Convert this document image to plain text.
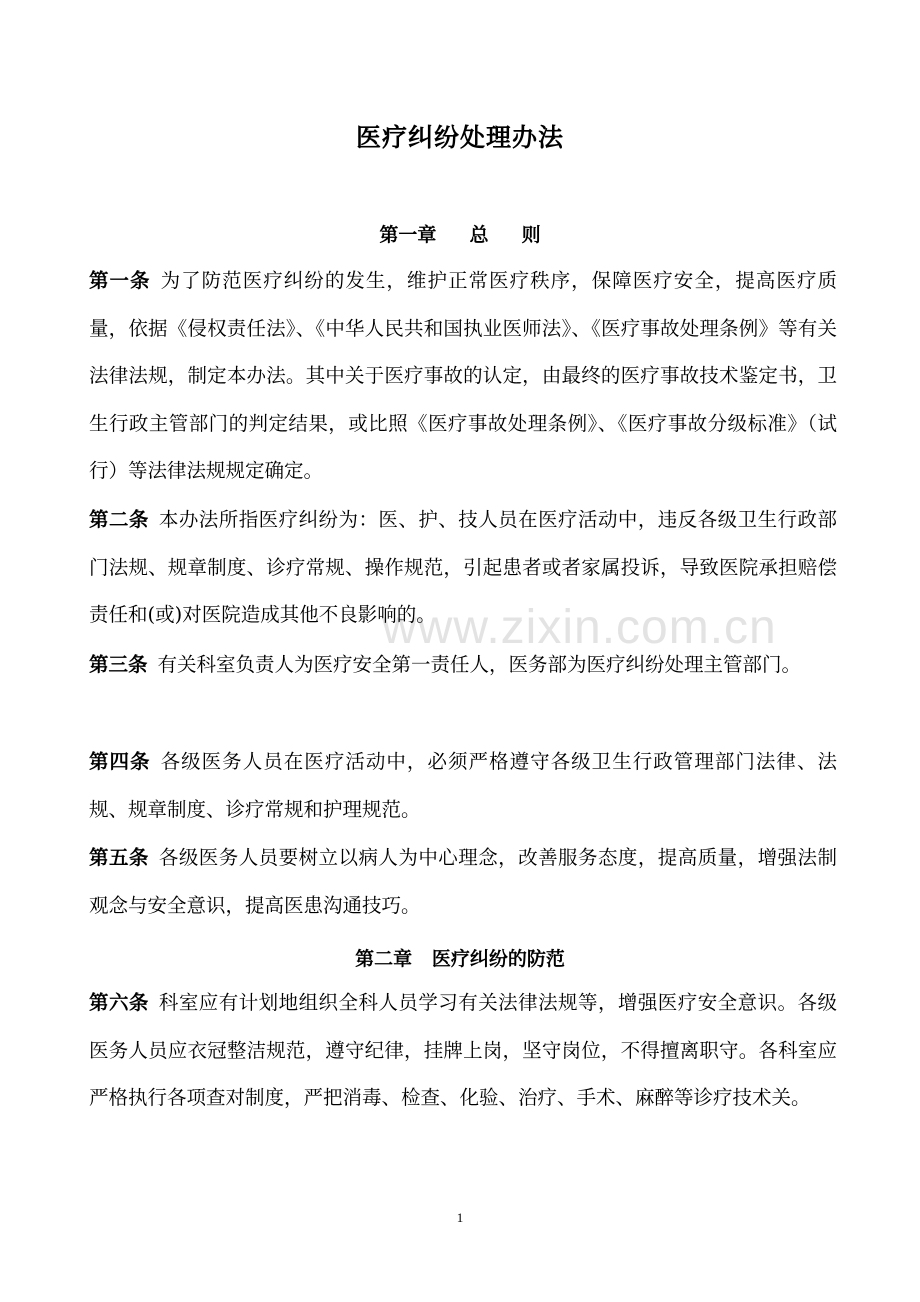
www.zixin.com.cn
医疗纠纷处理办法
第一章     总     则

第一条 为了防范医疗纠纷的发生，维护正常医疗秩序，保障医疗安全，提高医疗质量，依据《侵权责任法》、《中华人民共和国执业医师法》、《医疗事故处理条例》等有关法律法规，制定本办法。其中关于医疗事故的认定，由最终的医疗事故技术鉴定书，卫生行政主管部门的判定结果，或比照《医疗事故处理条例》、《医疗事故分级标准》（试行）等法律法规规定确定。

第二条 本办法所指医疗纠纷为：医、护、技人员在医疗活动中，违反各级卫生行政部门法规、规章制度、诊疗常规、操作规范，引起患者或者家属投诉，导致医院承担赔偿责任和(或)对医院造成其他不良影响的。

第三条 有关科室负责人为医疗安全第一责任人，医务部为医疗纠纷处理主管部门。

第四条 各级医务人员在医疗活动中，必须严格遵守各级卫生行政管理部门法律、法规、规章制度、诊疗常规和护理规范。

第五条 各级医务人员要树立以病人为中心理念，改善服务态度，提高质量，增强法制观念与安全意识，提高医患沟通技巧。

第二章   医疗纠纷的防范

第六条 科室应有计划地组织全科人员学习有关法律法规等，增强医疗安全意识。各级医务人员应衣冠整洁规范，遵守纪律，挂牌上岗，坚守岗位，不得擅离职守。各科室应严格执行各项查对制度，严把消毒、检查、化验、治疗、手术、麻醉等诊疗技术关。

1
